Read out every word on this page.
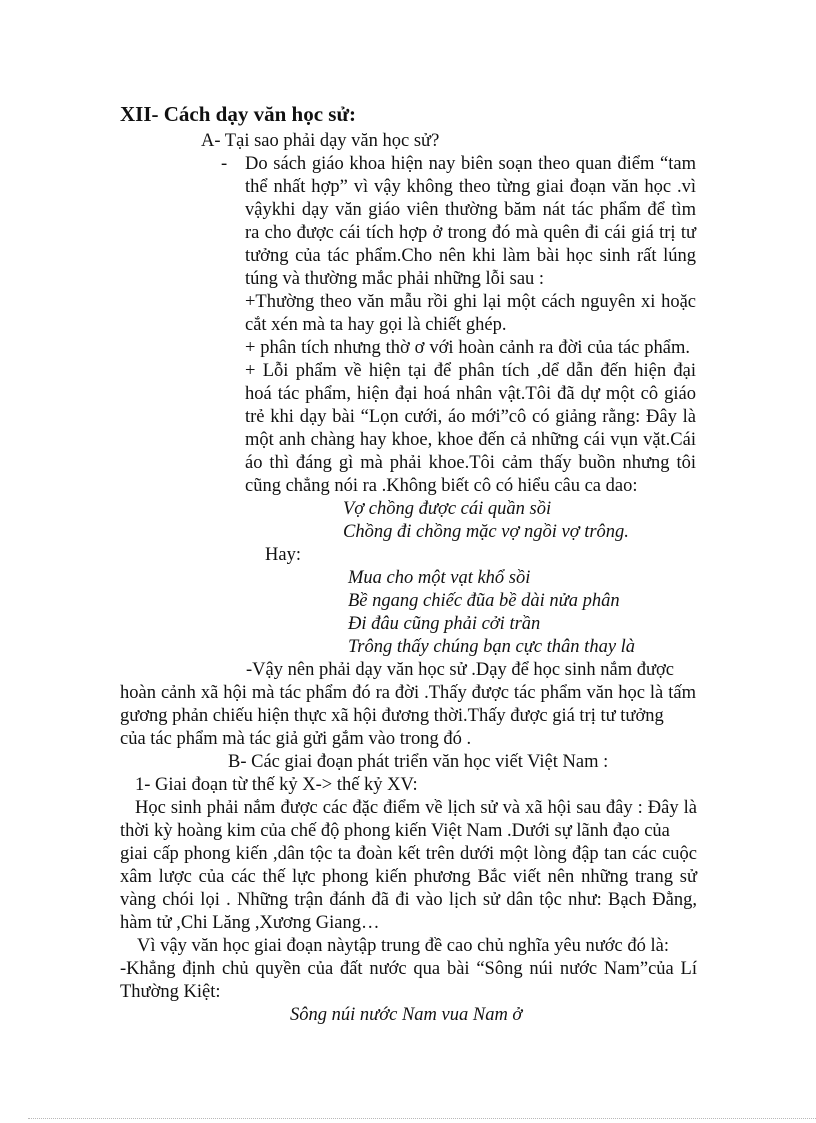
XII- Cách dạy văn học sử:
A- Tại sao phải dạy văn học sử?
- Do sách giáo khoa hiện nay biên soạn theo quan điểm “tam
thể nhất hợp” vì vậy không theo từng giai đoạn văn học .vì
vậykhi dạy văn giáo viên thường băm nát tác phẩm để tìm
ra cho được cái tích hợp ở trong đó mà quên đi cái giá trị tư
tưởng của tác phẩm.Cho nên khi làm bài học sinh rất lúng
túng và thường mắc phải những lỗi sau :
+Thường theo văn mẫu rồi ghi lại một cách nguyên xi hoặc
cắt xén mà ta hay gọi là chiết ghép.
+ phân tích nhưng thờ ơ với hoàn cảnh ra đời của tác phẩm.
+ Lỗi phẩm về hiện tại để phân tích ,dể dẫn đến hiện đại
hoá tác phẩm, hiện đại hoá nhân vật.Tôi đã dự một cô giáo
trẻ khi dạy bài “Lọn cưới, áo mới”cô có giảng rằng: Đây là
một anh chàng hay khoe, khoe đến cả những cái vụn vặt.Cái
áo thì đáng gì mà phải khoe.Tôi cảm thấy buồn nhưng tôi
cũng chẳng nói ra .Không biết cô có hiểu câu ca dao:
Vợ chồng được cái quần sồi
Chồng đi chồng mặc vợ ngồi vợ trông.
Hay:
Mua cho một vạt khổ sồi
Bề ngang chiếc đũa bề dài nửa phân
Đi đâu cũng phải cởi trần
Trông thấy chúng bạn cực thân thay là
-Vậy nên phải dạy văn học sử .Dạy để học sinh nắm được
hoàn cảnh xã hội mà tác phẩm đó ra đời .Thấy được tác phẩm văn học là tấm
gương phản chiếu hiện thực xã hội đương thời.Thấy được giá trị tư tưởng
của tác phẩm mà tác giả gửi gắm vào trong đó .
B- Các giai đoạn phát triển văn học viết Việt Nam :
1- Giai đoạn từ thế kỷ X-> thế kỷ XV:
Học sinh phải nắm được các đặc điểm về lịch sử và xã hội sau đây : Đây là
thời kỳ hoàng kim của chế độ phong kiến Việt Nam .Dưới sự lãnh đạo của
giai cấp phong kiến ,dân tộc ta đoàn kết trên dưới một lòng đập tan các cuộc
xâm lược của các thế lực phong kiến phương Bắc viết nên những trang sử
vàng chói lọi . Những trận đánh đã đi vào lịch sử dân tộc như: Bạch Đằng,
hàm tử ,Chi Lăng ,Xương Giang…
Vì vậy văn học giai đoạn nàytập trung đề cao chủ nghĩa yêu nước đó là:
-Khẳng định chủ quyền của đất nước qua bài “Sông núi nước Nam”của Lí
Thường Kiệt:
Sông núi nước Nam vua Nam ở
